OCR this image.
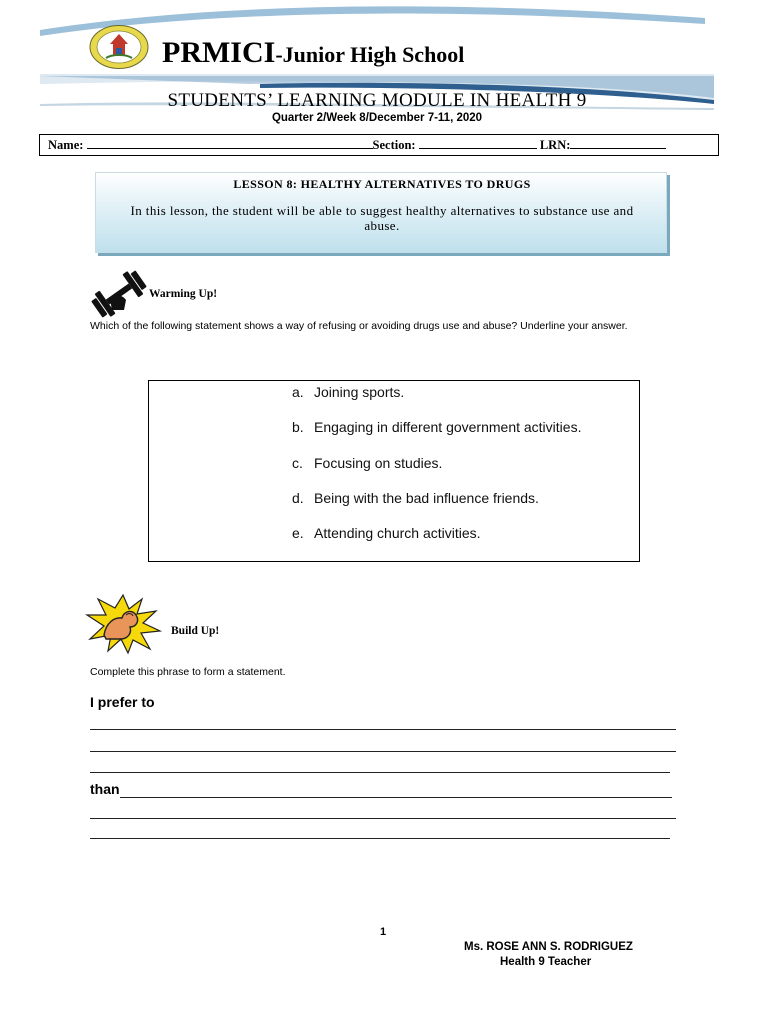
PRMICI-Junior High School
STUDENTS’ LEARNING MODULE IN HEALTH 9
Quarter 2/Week 8/December 7-11, 2020
Name:	Section:	LRN:
LESSON 8: HEALTHY ALTERNATIVES TO DRUGS
In this lesson, the student will be able to suggest healthy alternatives to substance use and abuse.
Warming Up!
Which of the following statement shows a way of refusing or avoiding drugs use and abuse? Underline your answer.
a. Joining sports.
b. Engaging in different government activities.
c. Focusing on studies.
d. Being with the bad influence friends.
e. Attending church activities.
Build Up!
Complete this phrase to form a statement.
I prefer to
than
1
Ms. ROSE ANN S. RODRIGUEZ
Health 9 Teacher
